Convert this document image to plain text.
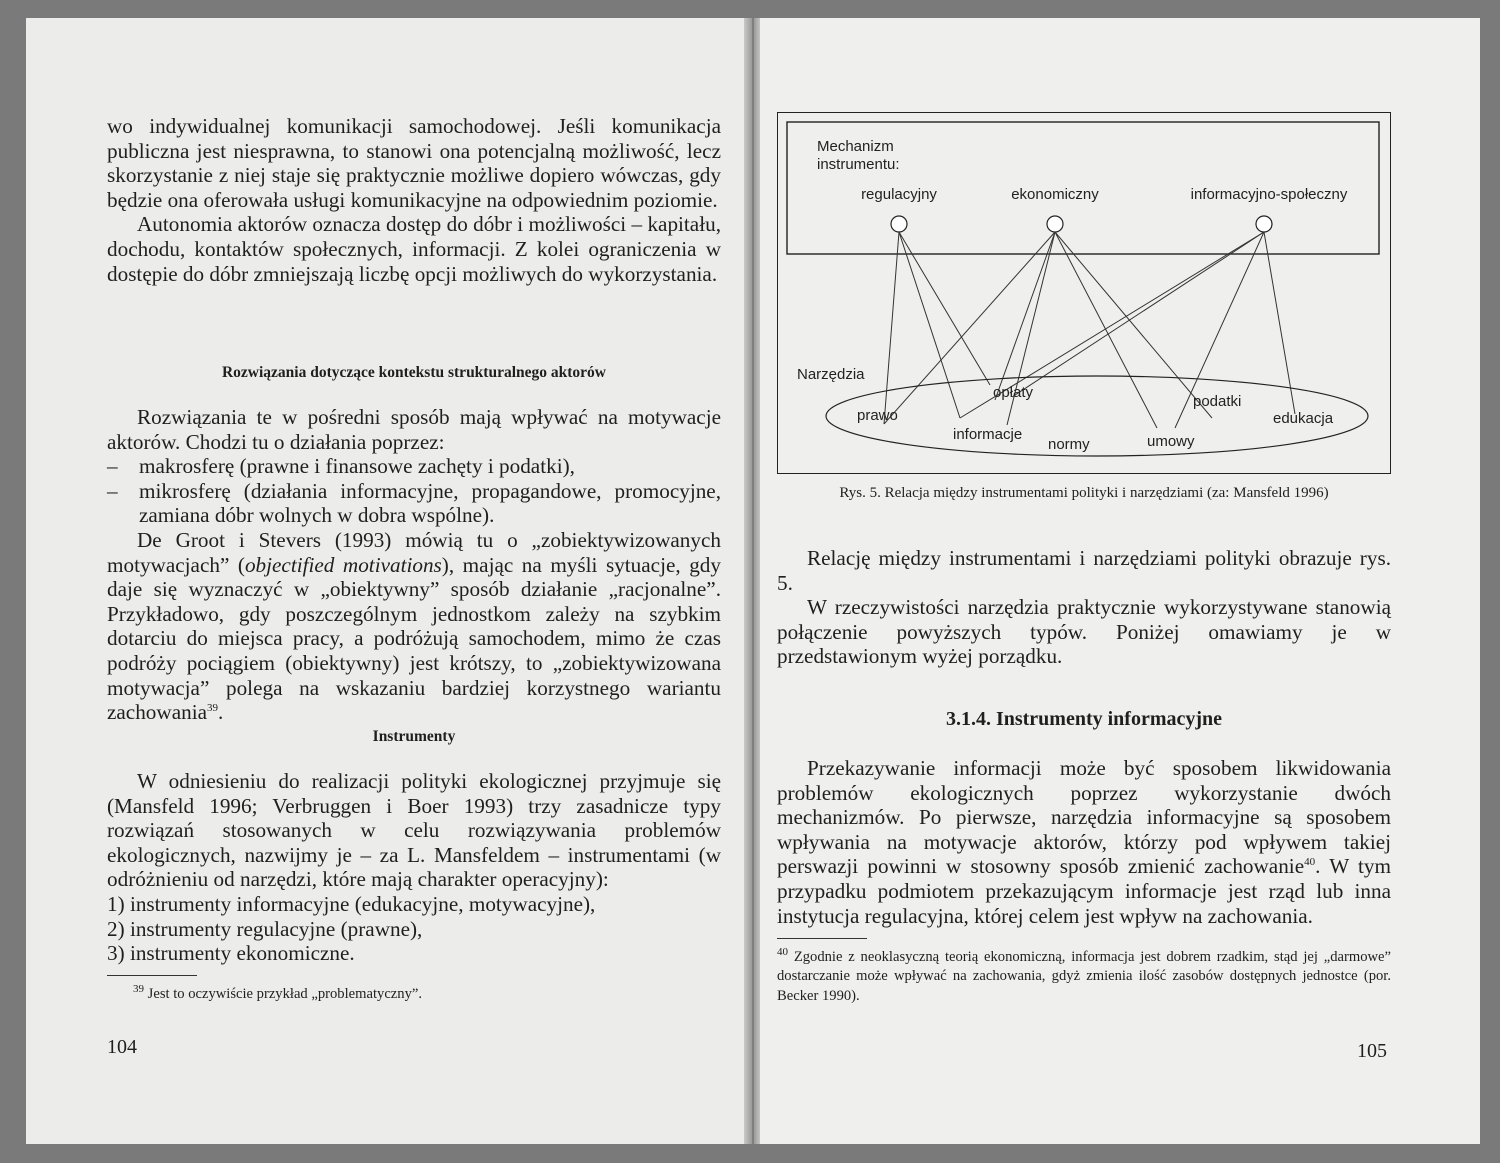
wo indywidualnej komunikacji samochodowej. Jeśli komunikacja publiczna jest niesprawna, to stanowi ona potencjalną możliwość, lecz skorzystanie z niej staje się praktycznie możliwe dopiero wówczas, gdy będzie ona oferowała usługi komunikacyjne na odpowiednim poziomie.

Autonomia aktorów oznacza dostęp do dóbr i możliwości – kapitału, dochodu, kontaktów społecznych, informacji. Z kolei ograniczenia w dostępie do dóbr zmniejszają liczbę opcji możliwych do wykorzystania.

Rozwiązania dotyczące kontekstu strukturalnego aktorów

Rozwiązania te w pośredni sposób mają wpływać na motywacje aktorów. Chodzi tu o działania poprzez:

–	makrosferę (prawne i finansowe zachęty i podatki),
–	mikrosferę (działania informacyjne, propagandowe, promocyjne, zamiana dóbr wolnych w dobra wspólne).

De Groot i Stevers (1993) mówią tu o „zobiektywizowanych motywacjach” (objectified motivations), mając na myśli sytuacje, gdy daje się wyznaczyć w „obiektywny” sposób działanie „racjonalne”. Przykładowo, gdy poszczególnym jednostkom zależy na szybkim dotarciu do miejsca pracy, a podróżują samochodem, mimo że czas podróży pociągiem (obiektywny) jest krótszy, to „zobiektywizowana motywacja” polega na wskazaniu bardziej korzystnego wariantu zachowania$^{39}$.

Instrumenty

W odniesieniu do realizacji polityki ekologicznej przyjmuje się (Mansfeld 1996; Verbruggen i Boer 1993) trzy zasadnicze typy rozwiązań stosowanych w celu rozwiązywania problemów ekologicznych, nazwijmy je – za L. Mansfeldem – instrumentami (w odróżnieniu od narzędzi, które mają charakter operacyjny):

1) instrumenty informacyjne (edukacyjne, motywacyjne),

2) instrumenty regulacyjne (prawne),

3) instrumenty ekonomiczne.

$^{39}$ Jest to oczywiście przykład „problematyczny”.
104
Mechanizm
instrumentu:
regulacyjny	ekonomiczny	informacyjno-społeczny
Narzędzia
prawo
informacje
opłaty
normy	umowy
podatki
edukacja
Rys. 5. Relacja między instrumentami polityki i narzędziami (za: Mansfeld 1996)

Relację między instrumentami i narzędziami polityki obrazuje rys. 5.

W rzeczywistości narzędzia praktycznie wykorzystywane stanowią połączenie powyższych typów. Poniżej omawiamy je w przedstawionym wyżej porządku.

3.1.4. Instrumenty informacyjne

Przekazywanie informacji może być sposobem likwidowania problemów ekologicznych poprzez wykorzystanie dwóch mechanizmów. Po pierwsze, narzędzia informacyjne są sposobem wpływania na motywacje aktorów, którzy pod wpływem takiej perswazji powinni w stosowny sposób zmienić zachowanie$^{40}$. W tym przypadku podmiotem przekazującym informacje jest rząd lub inna instytucja regulacyjna, której celem jest wpływ na zachowania.

$^{40}$ Zgodnie z neoklasyczną teorią ekonomiczną, informacja jest dobrem rzadkim, stąd jej „darmowe” dostarczanie może wpływać na zachowania, gdyż zmienia ilość zasobów dostępnych jednostce (por. Becker 1990).
105
